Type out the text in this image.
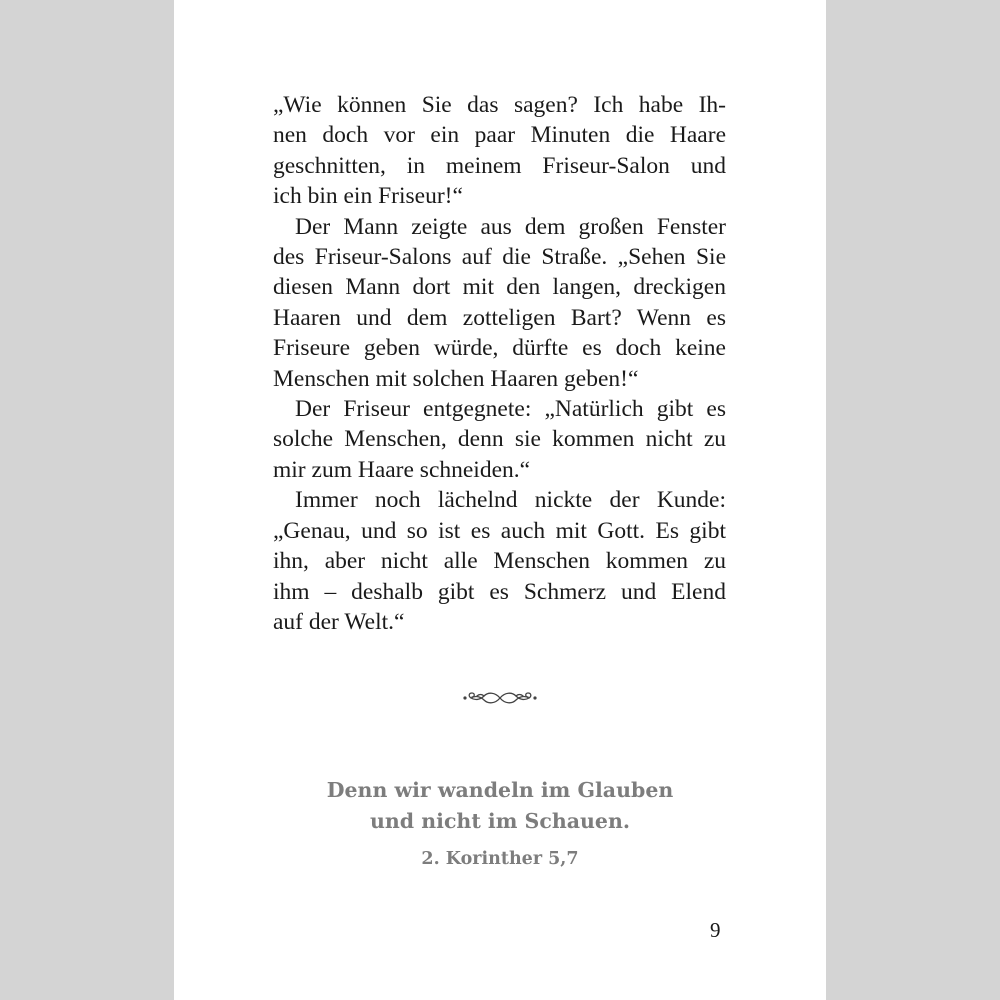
„Wie können Sie das sagen? Ich habe Ih-
nen doch vor ein paar Minuten die Haare
geschnitten, in meinem Friseur-Salon und
ich bin ein Friseur!“
Der Mann zeigte aus dem großen Fenster
des Friseur-Salons auf die Straße. „Sehen Sie
diesen Mann dort mit den langen, dreckigen
Haaren und dem zotteligen Bart? Wenn es
Friseure geben würde, dürfte es doch keine
Menschen mit solchen Haaren geben!“
Der Friseur entgegnete: „Natürlich gibt es
solche Menschen, denn sie kommen nicht zu
mir zum Haare schneiden.“
Immer noch lächelnd nickte der Kunde:
„Genau, und so ist es auch mit Gott. Es gibt
ihn, aber nicht alle Menschen kommen zu
ihm – deshalb gibt es Schmerz und Elend
auf der Welt.“
Denn wir wandeln im Glauben
und nicht im Schauen.
2. Korinther 5,7
9
